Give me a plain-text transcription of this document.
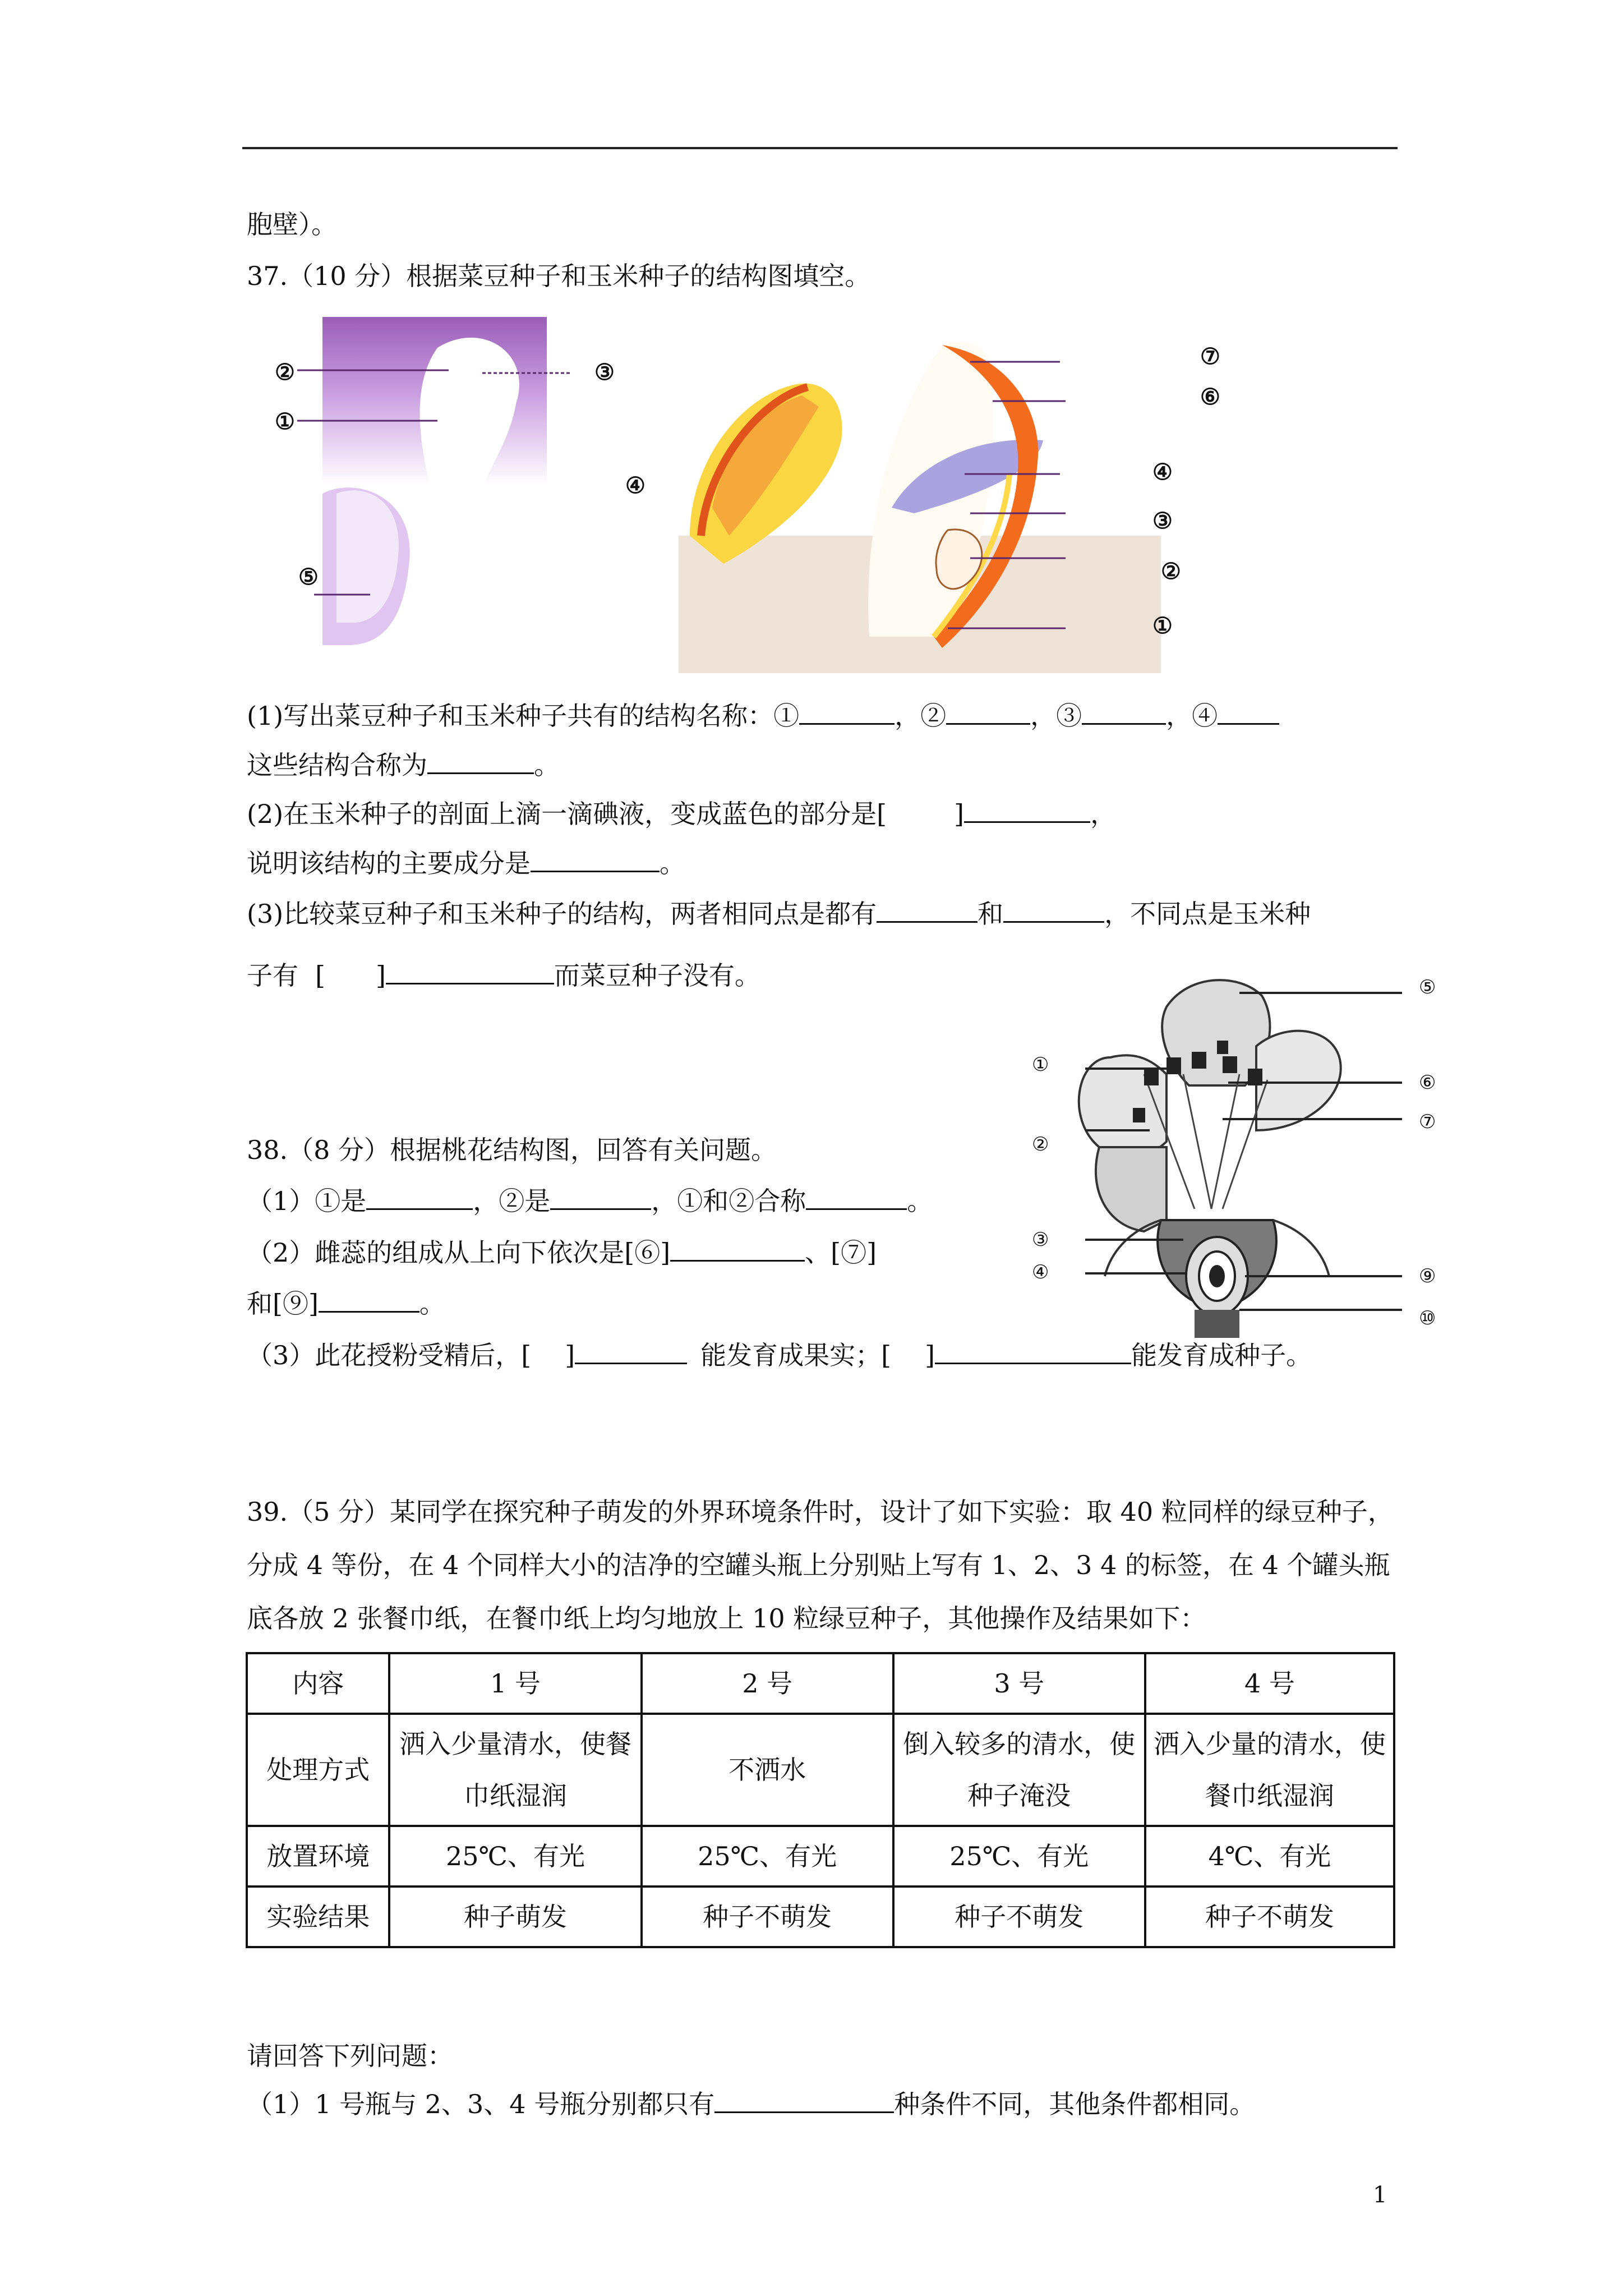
胞壁）。
37.（10 分）根据菜豆种子和玉米种子的结构图填空。
②
①
③
④
⑤
⑦
⑥
④
③
②
①
(1)写出菜豆种子和玉米种子共有的结构名称：①	，②	，③	，④
这些结构合称为	。
(2)在玉米种子的剖面上滴一滴碘液，变成蓝色的部分是[	]	，
说明该结构的主要成分是	。
(3)比较菜豆种子和玉米种子的结构，两者相同点是都有	和	，不同点是玉米种
子有 [ ]	而菜豆种子没有。	⑤
①
⑥
⑦
②
③
④	⑨
⑩
38.（8 分）根据桃花结构图，回答有关问题。
（1）①是	，②是	，①和②合称	。
（2）雌蕊的组成从上向下依次是[⑥]	、[⑦]
和[⑨]	。
（3）此花授粉受精后，[ ]	能发育成果实；[ ]	能发育成种子。
39.（5 分）某同学在探究种子萌发的外界环境条件时，设计了如下实验：取 40 粒同样的绿豆种子，
分成 4 等份，在 4 个同样大小的洁净的空罐头瓶上分别贴上写有 1、2、3 4 的标签，在 4 个罐头瓶
底各放 2 张餐巾纸，在餐巾纸上均匀地放上 10 粒绿豆种子，其他操作及结果如下：
内容	1 号	2 号	3 号	4 号
处理方式	洒入少量清水，使餐巾纸湿润	不洒水	倒入较多的清水，使种子淹没	洒入少量的清水，使餐巾纸湿润
放置环境	25℃、有光	25℃、有光	25℃、有光	4℃、有光
实验结果	种子萌发	种子不萌发	种子不萌发	种子不萌发
请回答下列问题：
（1）1 号瓶与 2、3、4 号瓶分别都只有	种条件不同，其他条件都相同。
1
